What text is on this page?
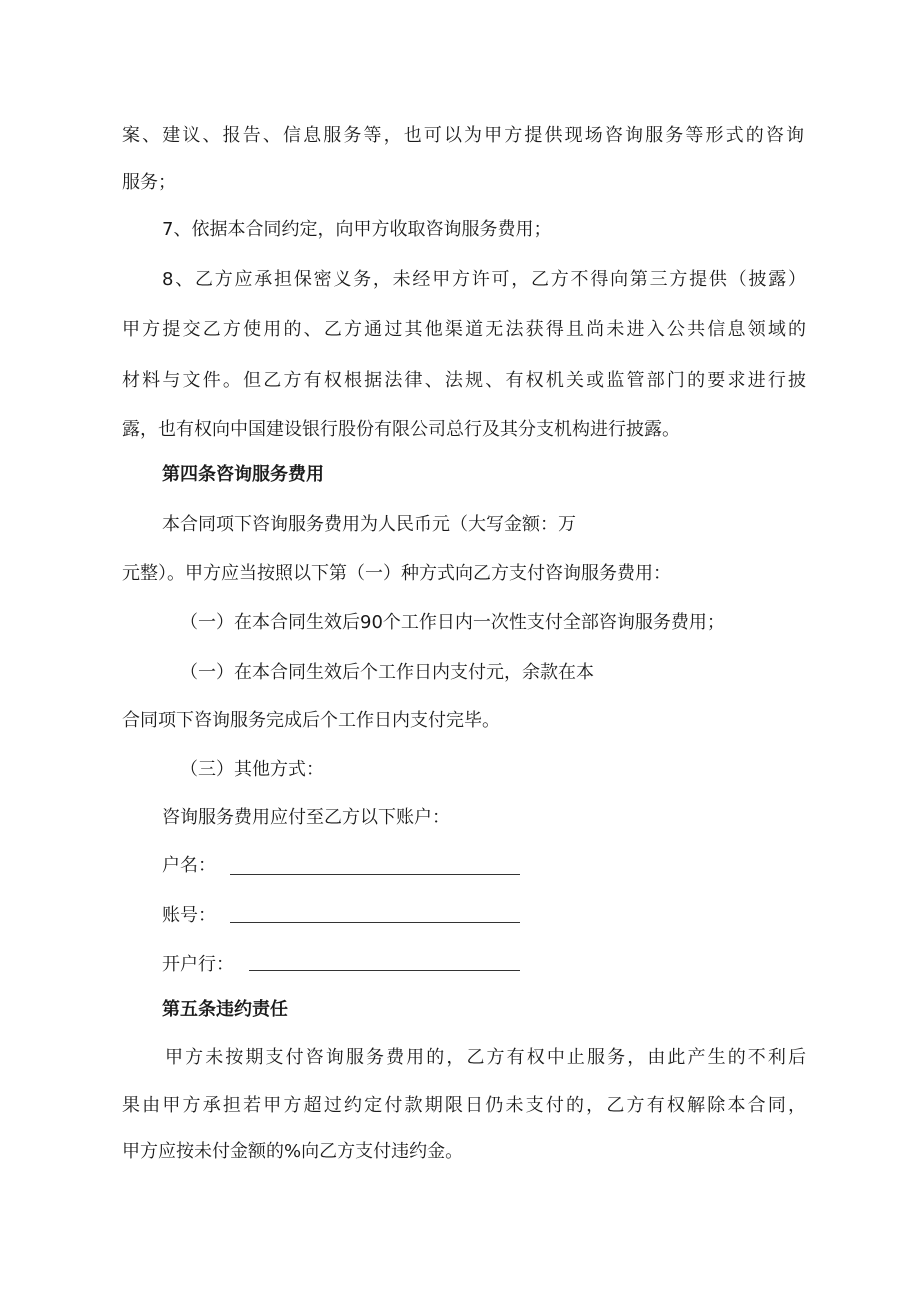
案、建议、报告、信息服务等，也可以为甲方提供现场咨询服务等形式的咨询
服务；
7、依据本合同约定，向甲方收取咨询服务费用；
8、乙方应承担保密义务，未经甲方许可，乙方不得向第三方提供（披露）
甲方提交乙方使用的、乙方通过其他渠道无法获得且尚未进入公共信息领域的
材料与文件。但乙方有权根据法律、法规、有权机关或监管部门的要求进行披
露，也有权向中国建设银行股份有限公司总行及其分支机构进行披露。
第四条咨询服务费用
本合同项下咨询服务费用为人民币元（大写金额：万
元整）。甲方应当按照以下第（一）种方式向乙方支付咨询服务费用：
（一）在本合同生效后90个工作日内一次性支付全部咨询服务费用；
（一）在本合同生效后个工作日内支付元，余款在本
合同项下咨询服务完成后个工作日内支付完毕。
（三）其他方式：
咨询服务费用应付至乙方以下账户：
户名：
账号：
开户行：
第五条违约责任
甲方未按期支付咨询服务费用的，乙方有权中止服务，由此产生的不利后
果由甲方承担若甲方超过约定付款期限日仍未支付的，乙方有权解除本合同，
甲方应按未付金额的%向乙方支付违约金。
